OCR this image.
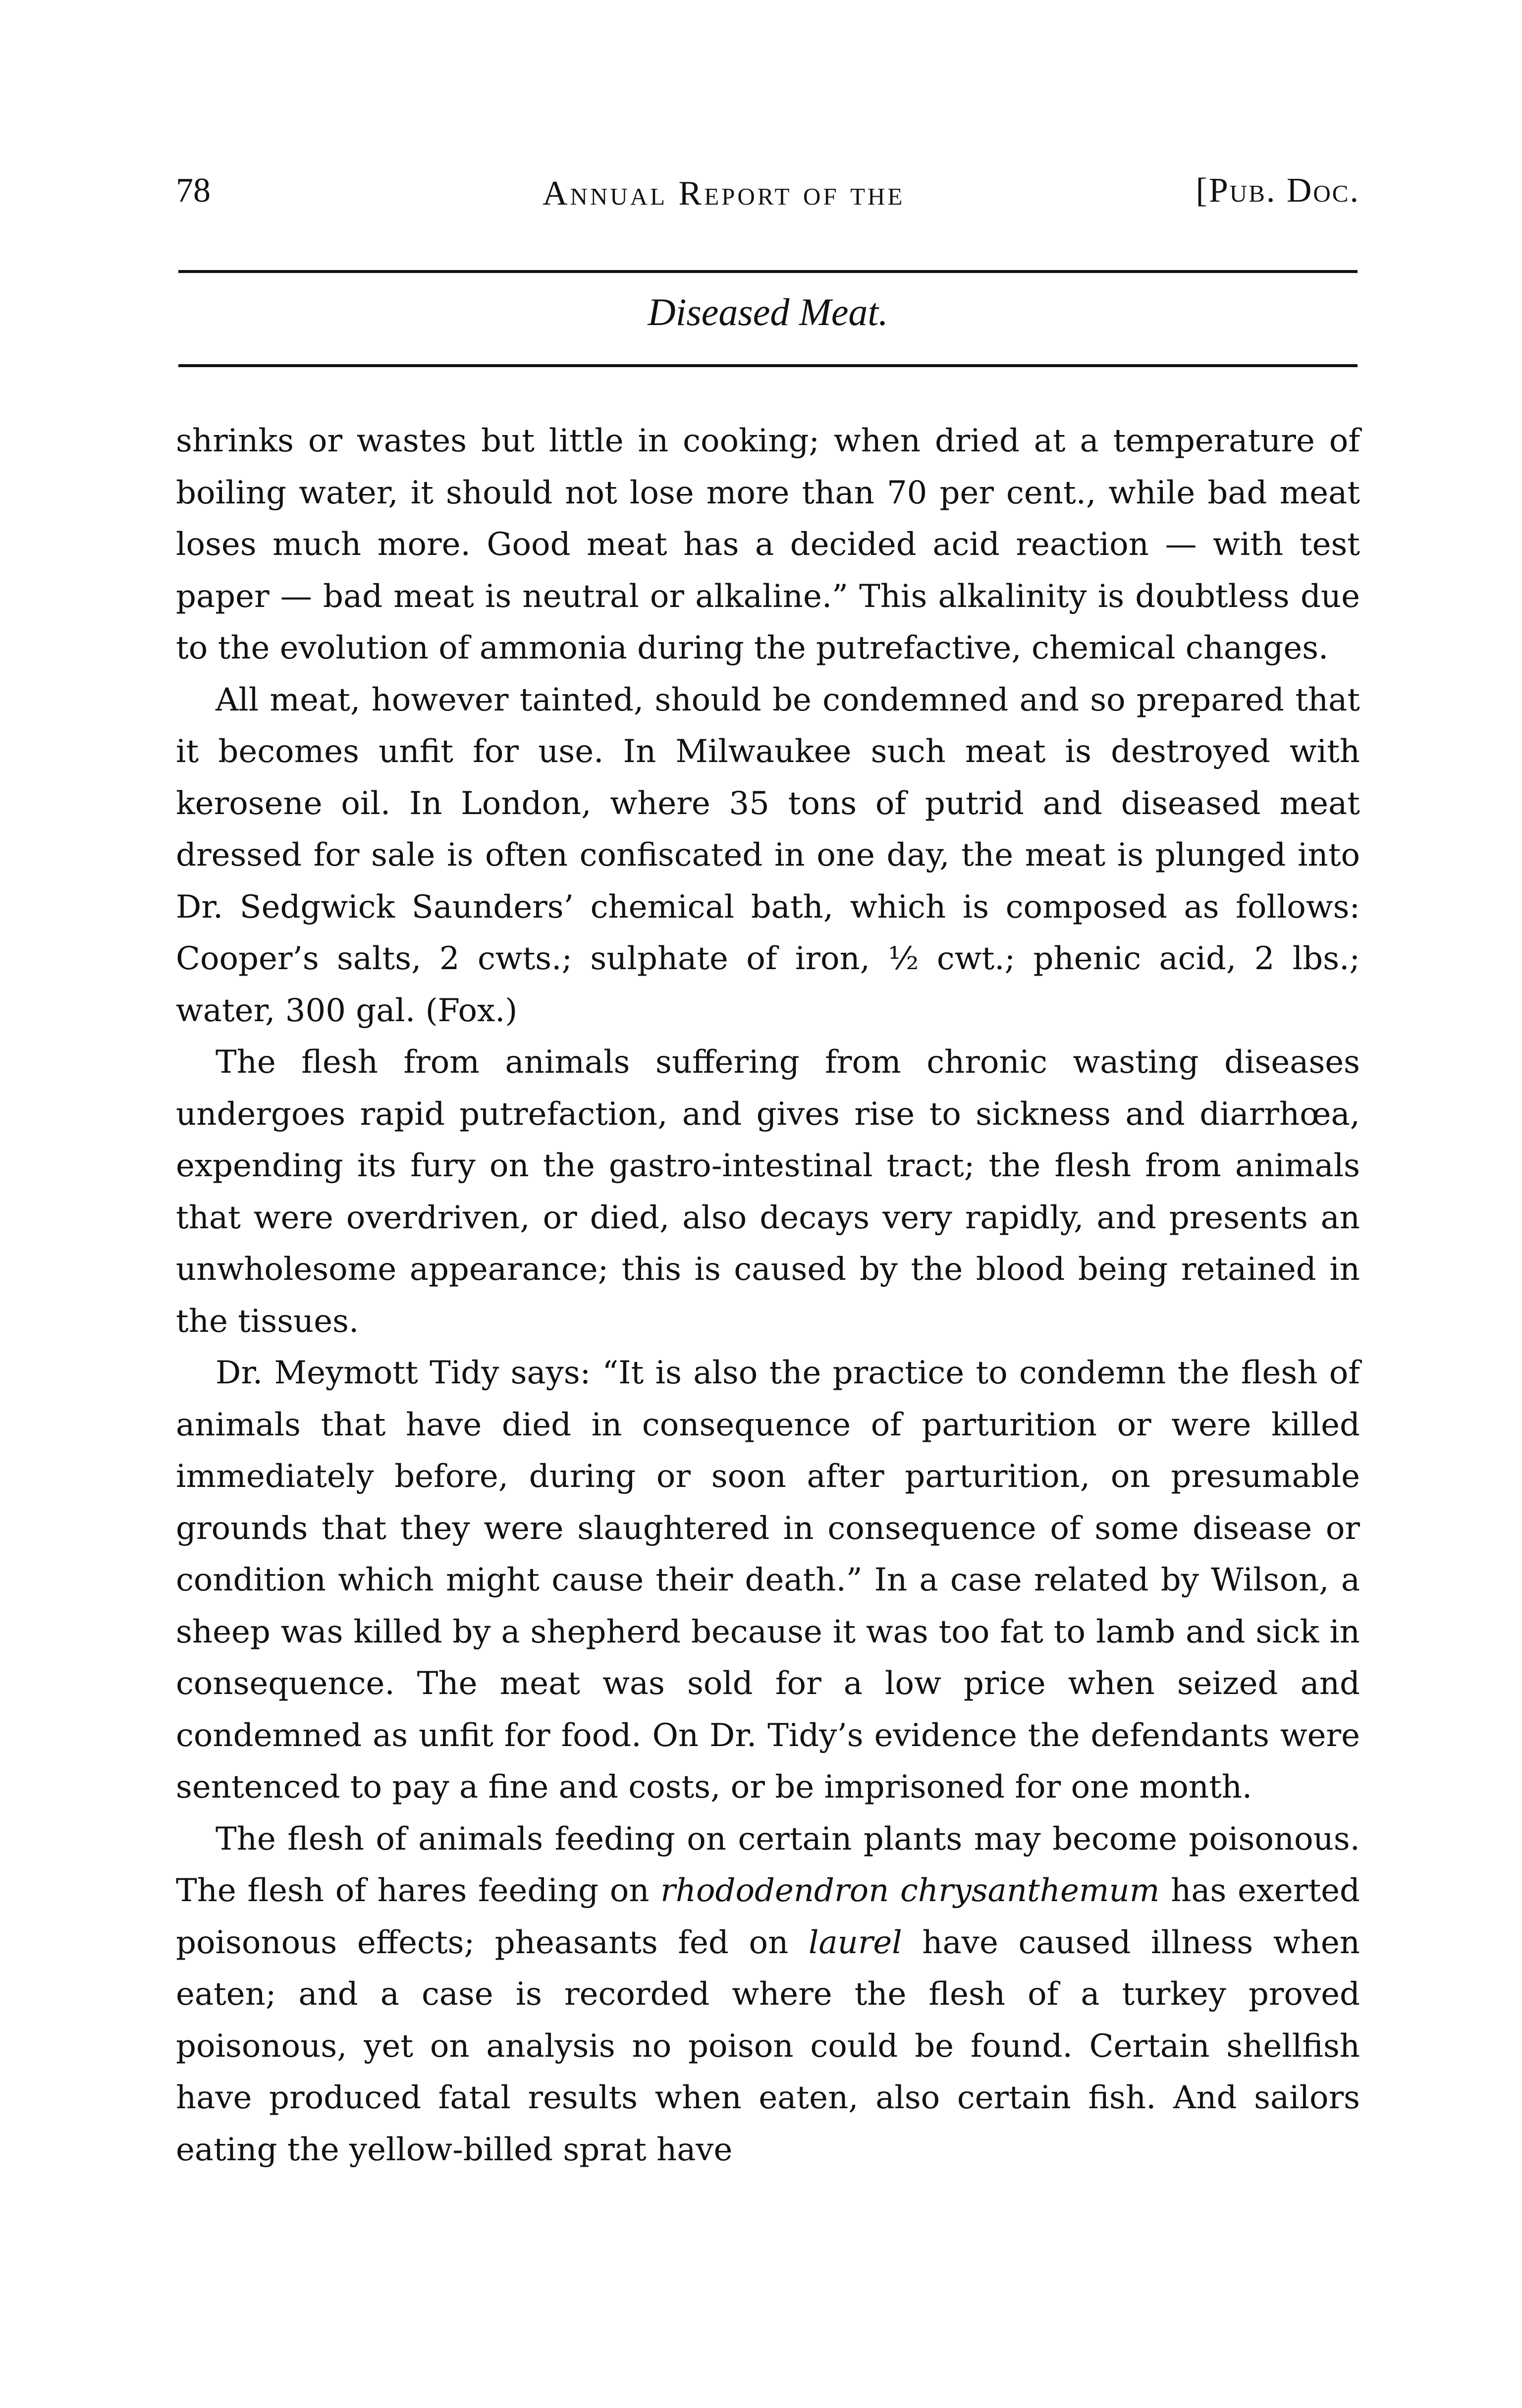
78	Annual Report of the	[Pub. Doc.
Diseased Meat.

shrinks or wastes but little in cooking; when dried at a temperature of boiling water, it should not lose more than 70 per cent., while bad meat loses much more. Good meat has a decided acid reaction — with test paper — bad meat is neutral or alkaline.” This alkalinity is doubtless due to the evolution of ammonia during the putrefactive, chemical changes.

All meat, however tainted, should be condemned and so prepared that it becomes unfit for use. In Milwaukee such meat is destroyed with kerosene oil. In London, where 35 tons of putrid and diseased meat dressed for sale is often confiscated in one day, the meat is plunged into Dr. Sedgwick Saunders’ chemical bath, which is composed as follows: Cooper’s salts, 2 cwts.; sulphate of iron, ½ cwt.; phenic acid, 2 lbs.; water, 300 gal. (Fox.)

The flesh from animals suffering from chronic wasting diseases undergoes rapid putrefaction, and gives rise to sickness and diarrhœa, expending its fury on the gastro-intestinal tract; the flesh from animals that were overdriven, or died, also decays very rapidly, and presents an unwholesome appearance; this is caused by the blood being retained in the tissues.

Dr. Meymott Tidy says: “It is also the practice to condemn the flesh of animals that have died in consequence of parturition or were killed immediately before, during or soon after parturition, on presumable grounds that they were slaughtered in consequence of some disease or condition which might cause their death.” In a case related by Wilson, a sheep was killed by a shepherd because it was too fat to lamb and sick in consequence. The meat was sold for a low price when seized and condemned as unfit for food. On Dr. Tidy’s evidence the defendants were sentenced to pay a fine and costs, or be imprisoned for one month.

The flesh of animals feeding on certain plants may become poisonous. The flesh of hares feeding on rhododendron chrysanthemum has exerted poisonous effects; pheasants fed on laurel have caused illness when eaten; and a case is recorded where the flesh of a turkey proved poisonous, yet on analysis no poison could be found. Certain shellfish have produced fatal results when eaten, also certain fish. And sailors eating the yellow-billed sprat have
